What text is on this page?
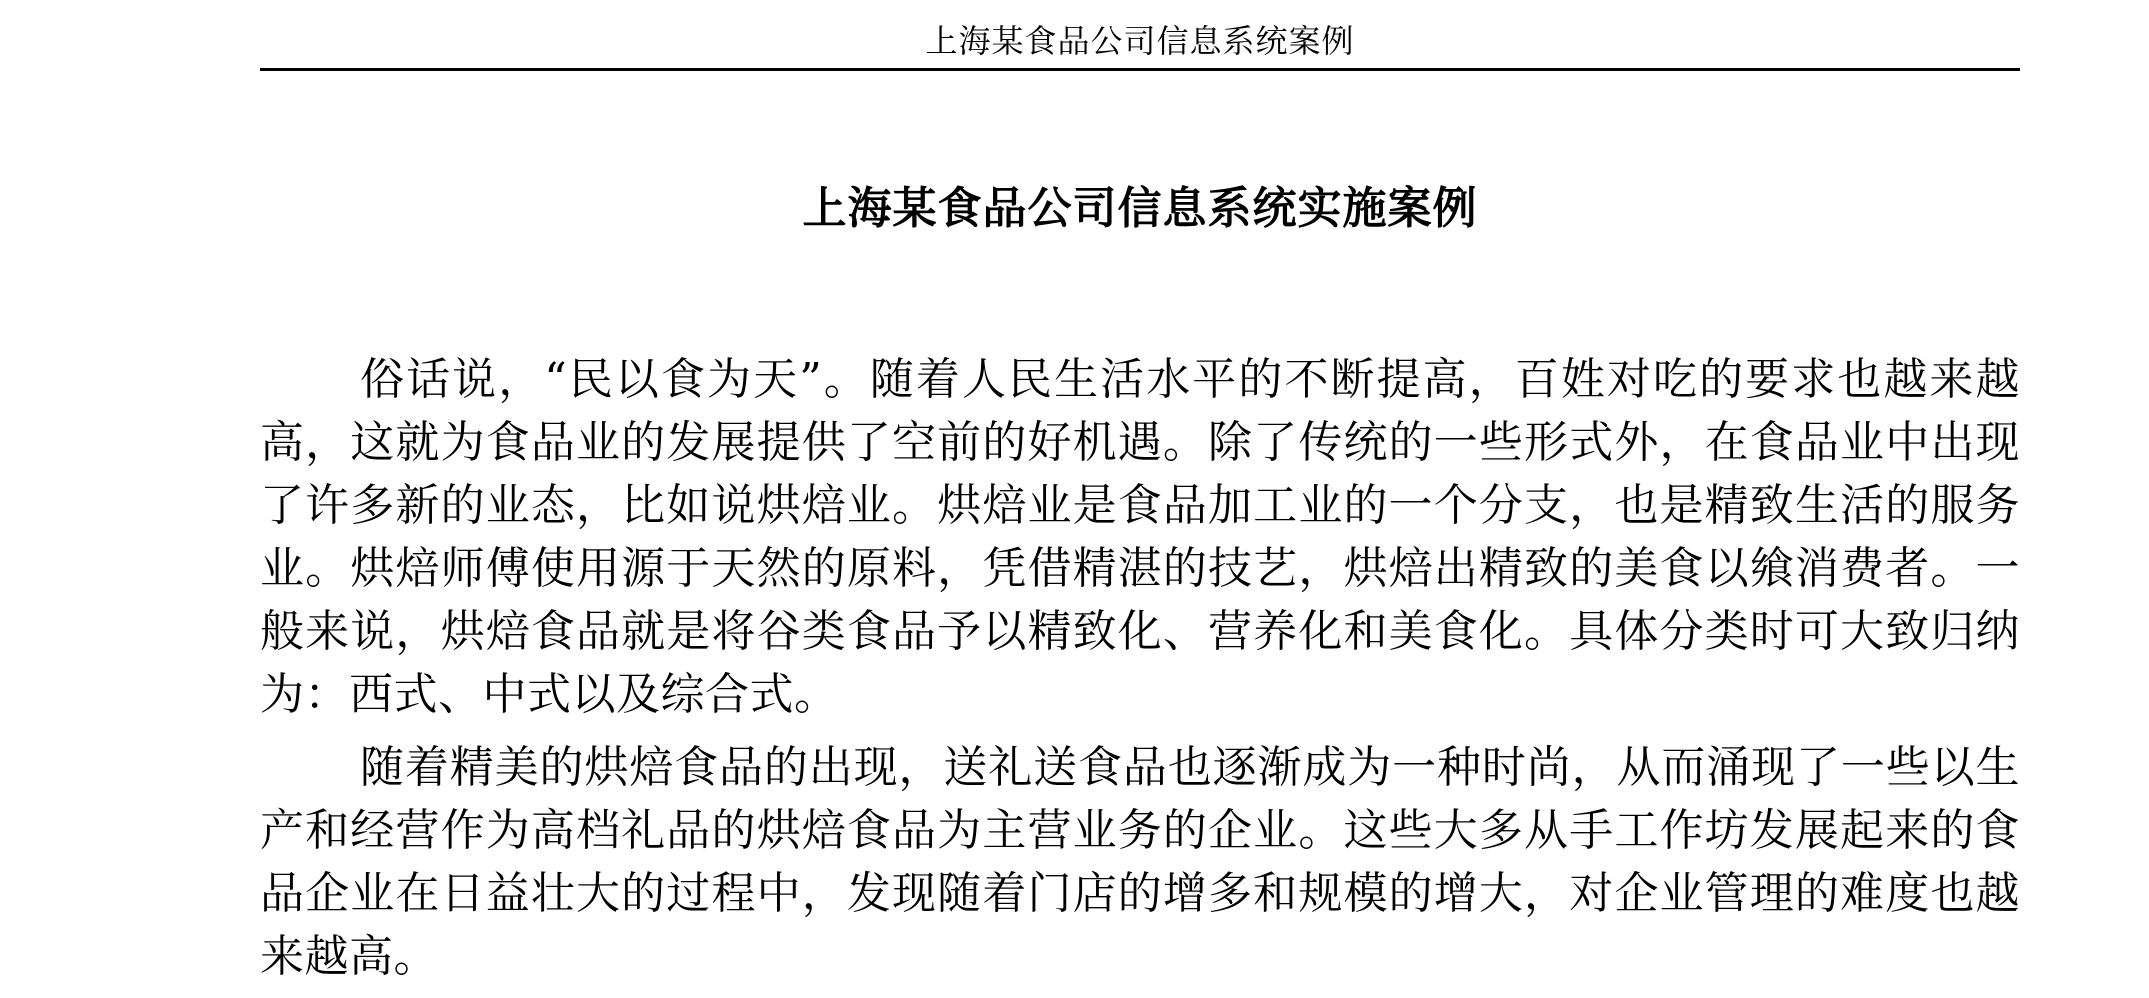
上海某食品公司信息系统案例
上海某食品公司信息系统实施案例

俗话说，“民以食为天”。随着人民生活水平的不断提高，百姓对吃的要求也越来越高，这就为食品业的发展提供了空前的好机遇。除了传统的一些形式外，在食品业中出现了许多新的业态，比如说烘焙业。烘焙业是食品加工业的一个分支，也是精致生活的服务业。烘焙师傅使用源于天然的原料，凭借精湛的技艺，烘焙出精致的美食以飨消费者。一般来说，烘焙食品就是将谷类食品予以精致化、营养化和美食化。具体分类时可大致归纳为：西式、中式以及综合式。

随着精美的烘焙食品的出现，送礼送食品也逐渐成为一种时尚，从而涌现了一些以生产和经营作为高档礼品的烘焙食品为主营业务的企业。这些大多从手工作坊发展起来的食品企业在日益壮大的过程中，发现随着门店的增多和规模的增大，对企业管理的难度也越来越高。
